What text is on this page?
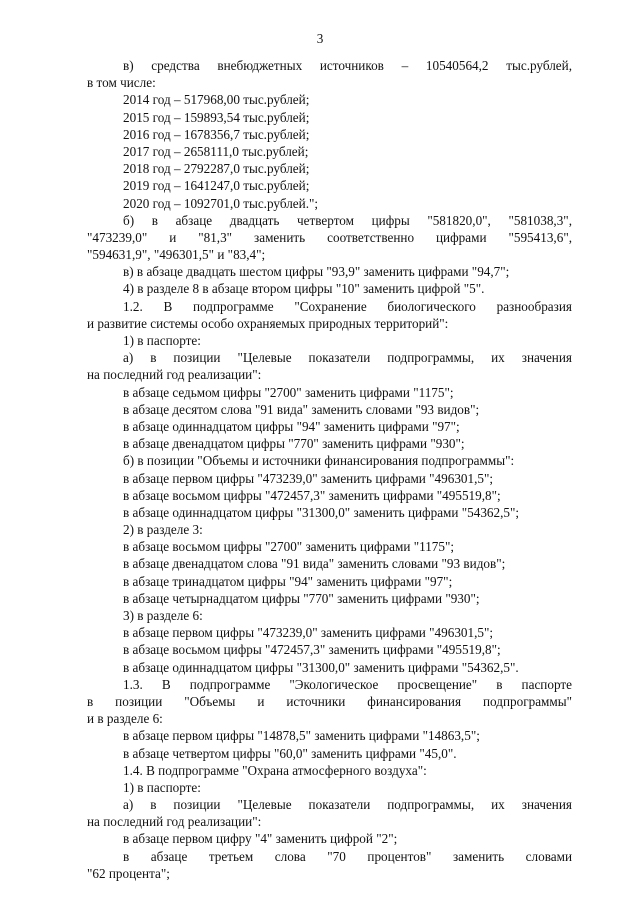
3
в) средства внебюджетных источников – 10540564,2 тыс.рублей,
в том числе:
2014 год – 517968,00 тыс.рублей;
2015 год – 159893,54 тыс.рублей;
2016 год – 1678356,7 тыс.рублей;
2017 год – 2658111,0 тыс.рублей;
2018 год – 2792287,0 тыс.рублей;
2019 год – 1641247,0 тыс.рублей;
2020 год – 1092701,0 тыс.рублей.";
б) в абзаце двадцать четвертом цифры "581820,0", "581038,3",
"473239,0" и "81,3" заменить соответственно цифрами "595413,6",
"594631,9", "496301,5" и "83,4";
в) в абзаце двадцать шестом цифры "93,9" заменить цифрами "94,7";
4) в разделе 8 в абзаце втором цифры "10" заменить цифрой "5".
1.2. В подпрограмме "Сохранение биологического разнообразия
и развитие системы особо охраняемых природных территорий":
1) в паспорте:
а) в позиции "Целевые показатели подпрограммы, их значения
на последний год реализации":
в абзаце седьмом цифры "2700" заменить цифрами "1175";
в абзаце десятом слова "91 вида" заменить словами "93 видов";
в абзаце одиннадцатом цифры "94" заменить цифрами "97";
в абзаце двенадцатом цифры "770" заменить цифрами "930";
б) в позиции "Объемы и источники финансирования подпрограммы":
в абзаце первом цифры "473239,0" заменить цифрами "496301,5";
в абзаце восьмом цифры "472457,3" заменить цифрами "495519,8";
в абзаце одиннадцатом цифры "31300,0" заменить цифрами "54362,5";
2) в разделе 3:
в абзаце восьмом цифры "2700" заменить цифрами "1175";
в абзаце двенадцатом слова "91 вида" заменить словами "93 видов";
в абзаце тринадцатом цифры "94" заменить цифрами "97";
в абзаце четырнадцатом цифры "770" заменить цифрами "930";
3) в разделе 6:
в абзаце первом цифры "473239,0" заменить цифрами "496301,5";
в абзаце восьмом цифры "472457,3" заменить цифрами "495519,8";
в абзаце одиннадцатом цифры "31300,0" заменить цифрами "54362,5".
1.3. В подпрограмме "Экологическое просвещение" в паспорте
в позиции "Объемы и источники финансирования подпрограммы"
и в разделе 6:
в абзаце первом цифры "14878,5" заменить цифрами "14863,5";
в абзаце четвертом цифры "60,0" заменить цифрами "45,0".
1.4. В подпрограмме "Охрана атмосферного воздуха":
1) в паспорте:
а) в позиции "Целевые показатели подпрограммы, их значения
на последний год реализации":
в абзаце первом цифру "4" заменить цифрой "2";
в абзаце третьем слова "70 процентов" заменить словами
"62 процента";
